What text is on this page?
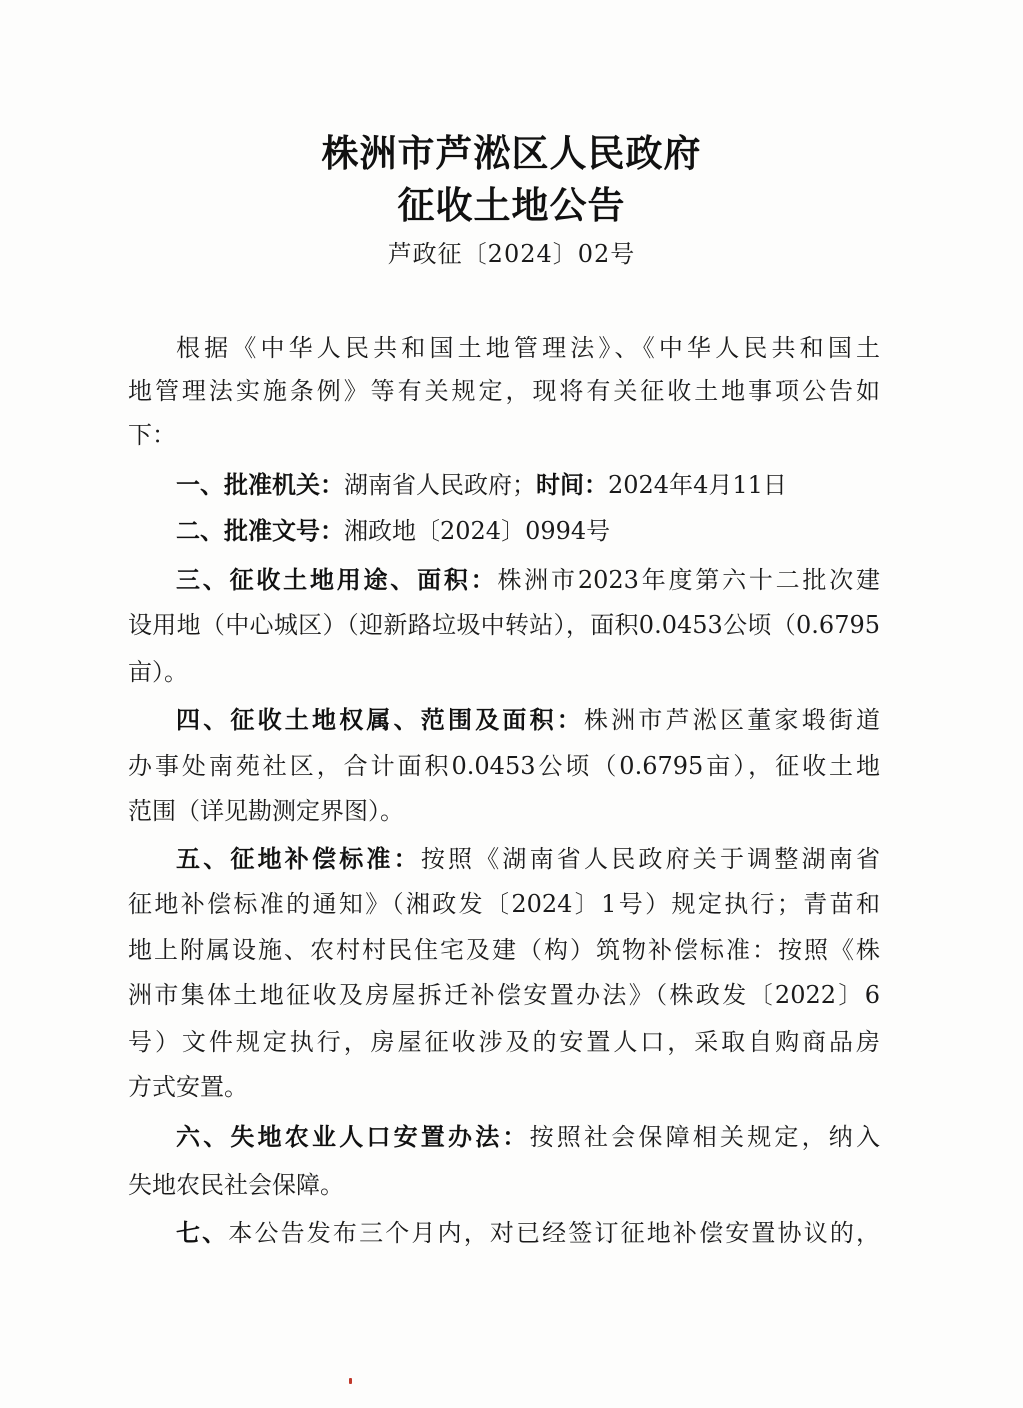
株洲市芦淞区人民政府
征收土地公告
芦政征〔2024〕02号
根据《中华人民共和国土地管理法》、《中华人民共和国土
地管理法实施条例》等有关规定，现将有关征收土地事项公告如
下：
一、批准机关：湖南省人民政府；时间：2024年4月11日
二、批准文号：湘政地〔2024〕0994号
三、征收土地用途、面积：株洲市2023年度第六十二批次建
设用地（中心城区）（迎新路垃圾中转站），面积0.0453公顷（0.6795
亩）。
四、征收土地权属、范围及面积：株洲市芦淞区董家塅街道
办事处南苑社区，合计面积0.0453公顷（0.6795亩），征收土地
范围（详见勘测定界图）。
五、征地补偿标准：按照《湖南省人民政府关于调整湖南省
征地补偿标准的通知》（湘政发〔2024〕1号）规定执行；青苗和
地上附属设施、农村村民住宅及建（构）筑物补偿标准：按照《株
洲市集体土地征收及房屋拆迁补偿安置办法》（株政发〔2022〕6
号）文件规定执行，房屋征收涉及的安置人口，采取自购商品房
方式安置。
六、失地农业人口安置办法：按照社会保障相关规定，纳入
失地农民社会保障。
七、本公告发布三个月内，对已经签订征地补偿安置协议的，
